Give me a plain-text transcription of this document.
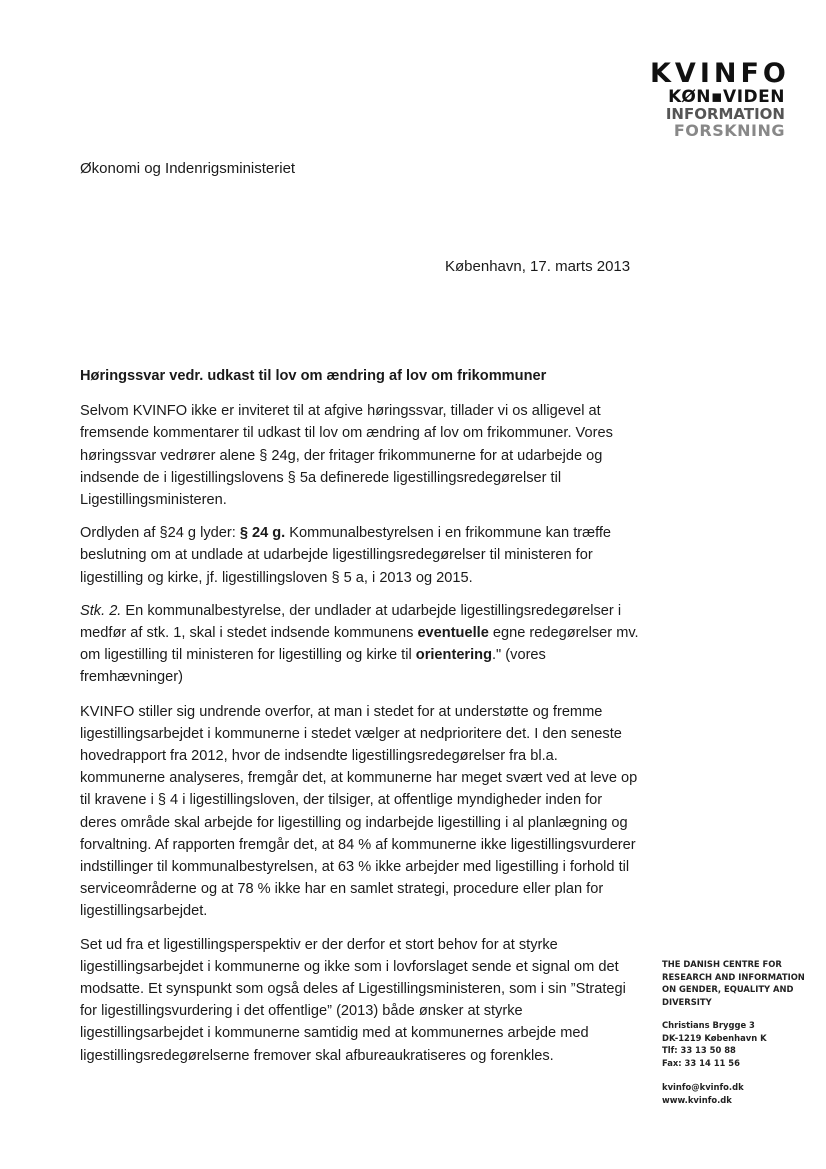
KVINFO
KØN▪VIDEN
INFORMATION
FORSKNING
Økonomi og Indenrigsministeriet
København, 17. marts 2013
Høringssvar vedr. udkast til lov om ændring af lov om frikommuner

Selvom KVINFO ikke er inviteret til at afgive høringssvar, tillader vi os alligevel at fremsende kommentarer til udkast til lov om ændring af lov om frikommuner. Vores høringssvar vedrører alene § 24g, der fritager frikommunerne for at udarbejde og indsende de i ligestillingslovens § 5a definerede ligestillingsredegørelser til Ligestillingsministeren.

Ordlyden af §24 g lyder: § 24 g. Kommunalbestyrelsen i en frikommune kan træffe beslutning om at undlade at udarbejde ligestillingsredegørelser til ministeren for ligestilling og kirke, jf. ligestillingsloven § 5 a, i 2013 og 2015.

Stk. 2. En kommunalbestyrelse, der undlader at udarbejde ligestillingsredegørelser i medfør af stk. 1, skal i stedet indsende kommunens eventuelle egne redegørelser mv. om ligestilling til ministeren for ligestilling og kirke til orientering." (vores fremhævninger)

KVINFO stiller sig undrende overfor, at man i stedet for at understøtte og fremme ligestillingsarbejdet i kommunerne i stedet vælger at nedprioritere det. I den seneste hovedrapport fra 2012, hvor de indsendte ligestillingsredegørelser fra bl.a. kommunerne analyseres, fremgår det, at kommunerne har meget svært ved at leve op til kravene i § 4 i ligestillingsloven, der tilsiger, at offentlige myndigheder inden for deres område skal arbejde for ligestilling og indarbejde ligestilling i al planlægning og forvaltning. Af rapporten fremgår det, at 84 % af kommunerne ikke ligestillingsvurderer indstillinger til kommunalbestyrelsen, at 63 % ikke arbejder med ligestilling i forhold til serviceområderne og at 78 % ikke har en samlet strategi, procedure eller plan for ligestillingsarbejdet.

Set ud fra et ligestillingsperspektiv er der derfor et stort behov for at styrke ligestillingsarbejdet i kommunerne og ikke som i lovforslaget sende et signal om det modsatte. Et synspunkt som også deles af Ligestillingsministeren, som i sin ”Strategi for ligestillingsvurdering i det offentlige” (2013) både ønsker at styrke ligestillingsarbejdet i kommunerne samtidig med at kommunernes arbejde med ligestillingsredegørelserne fremover skal afbureaukratiseres og forenkles.

THE DANISH CENTRE FOR
RESEARCH AND INFORMATION
ON GENDER, EQUALITY AND
DIVERSITY
Christians Brygge 3
DK-1219 København K
Tlf: 33 13 50 88
Fax: 33 14 11 56
kvinfo@kvinfo.dk
www.kvinfo.dk
